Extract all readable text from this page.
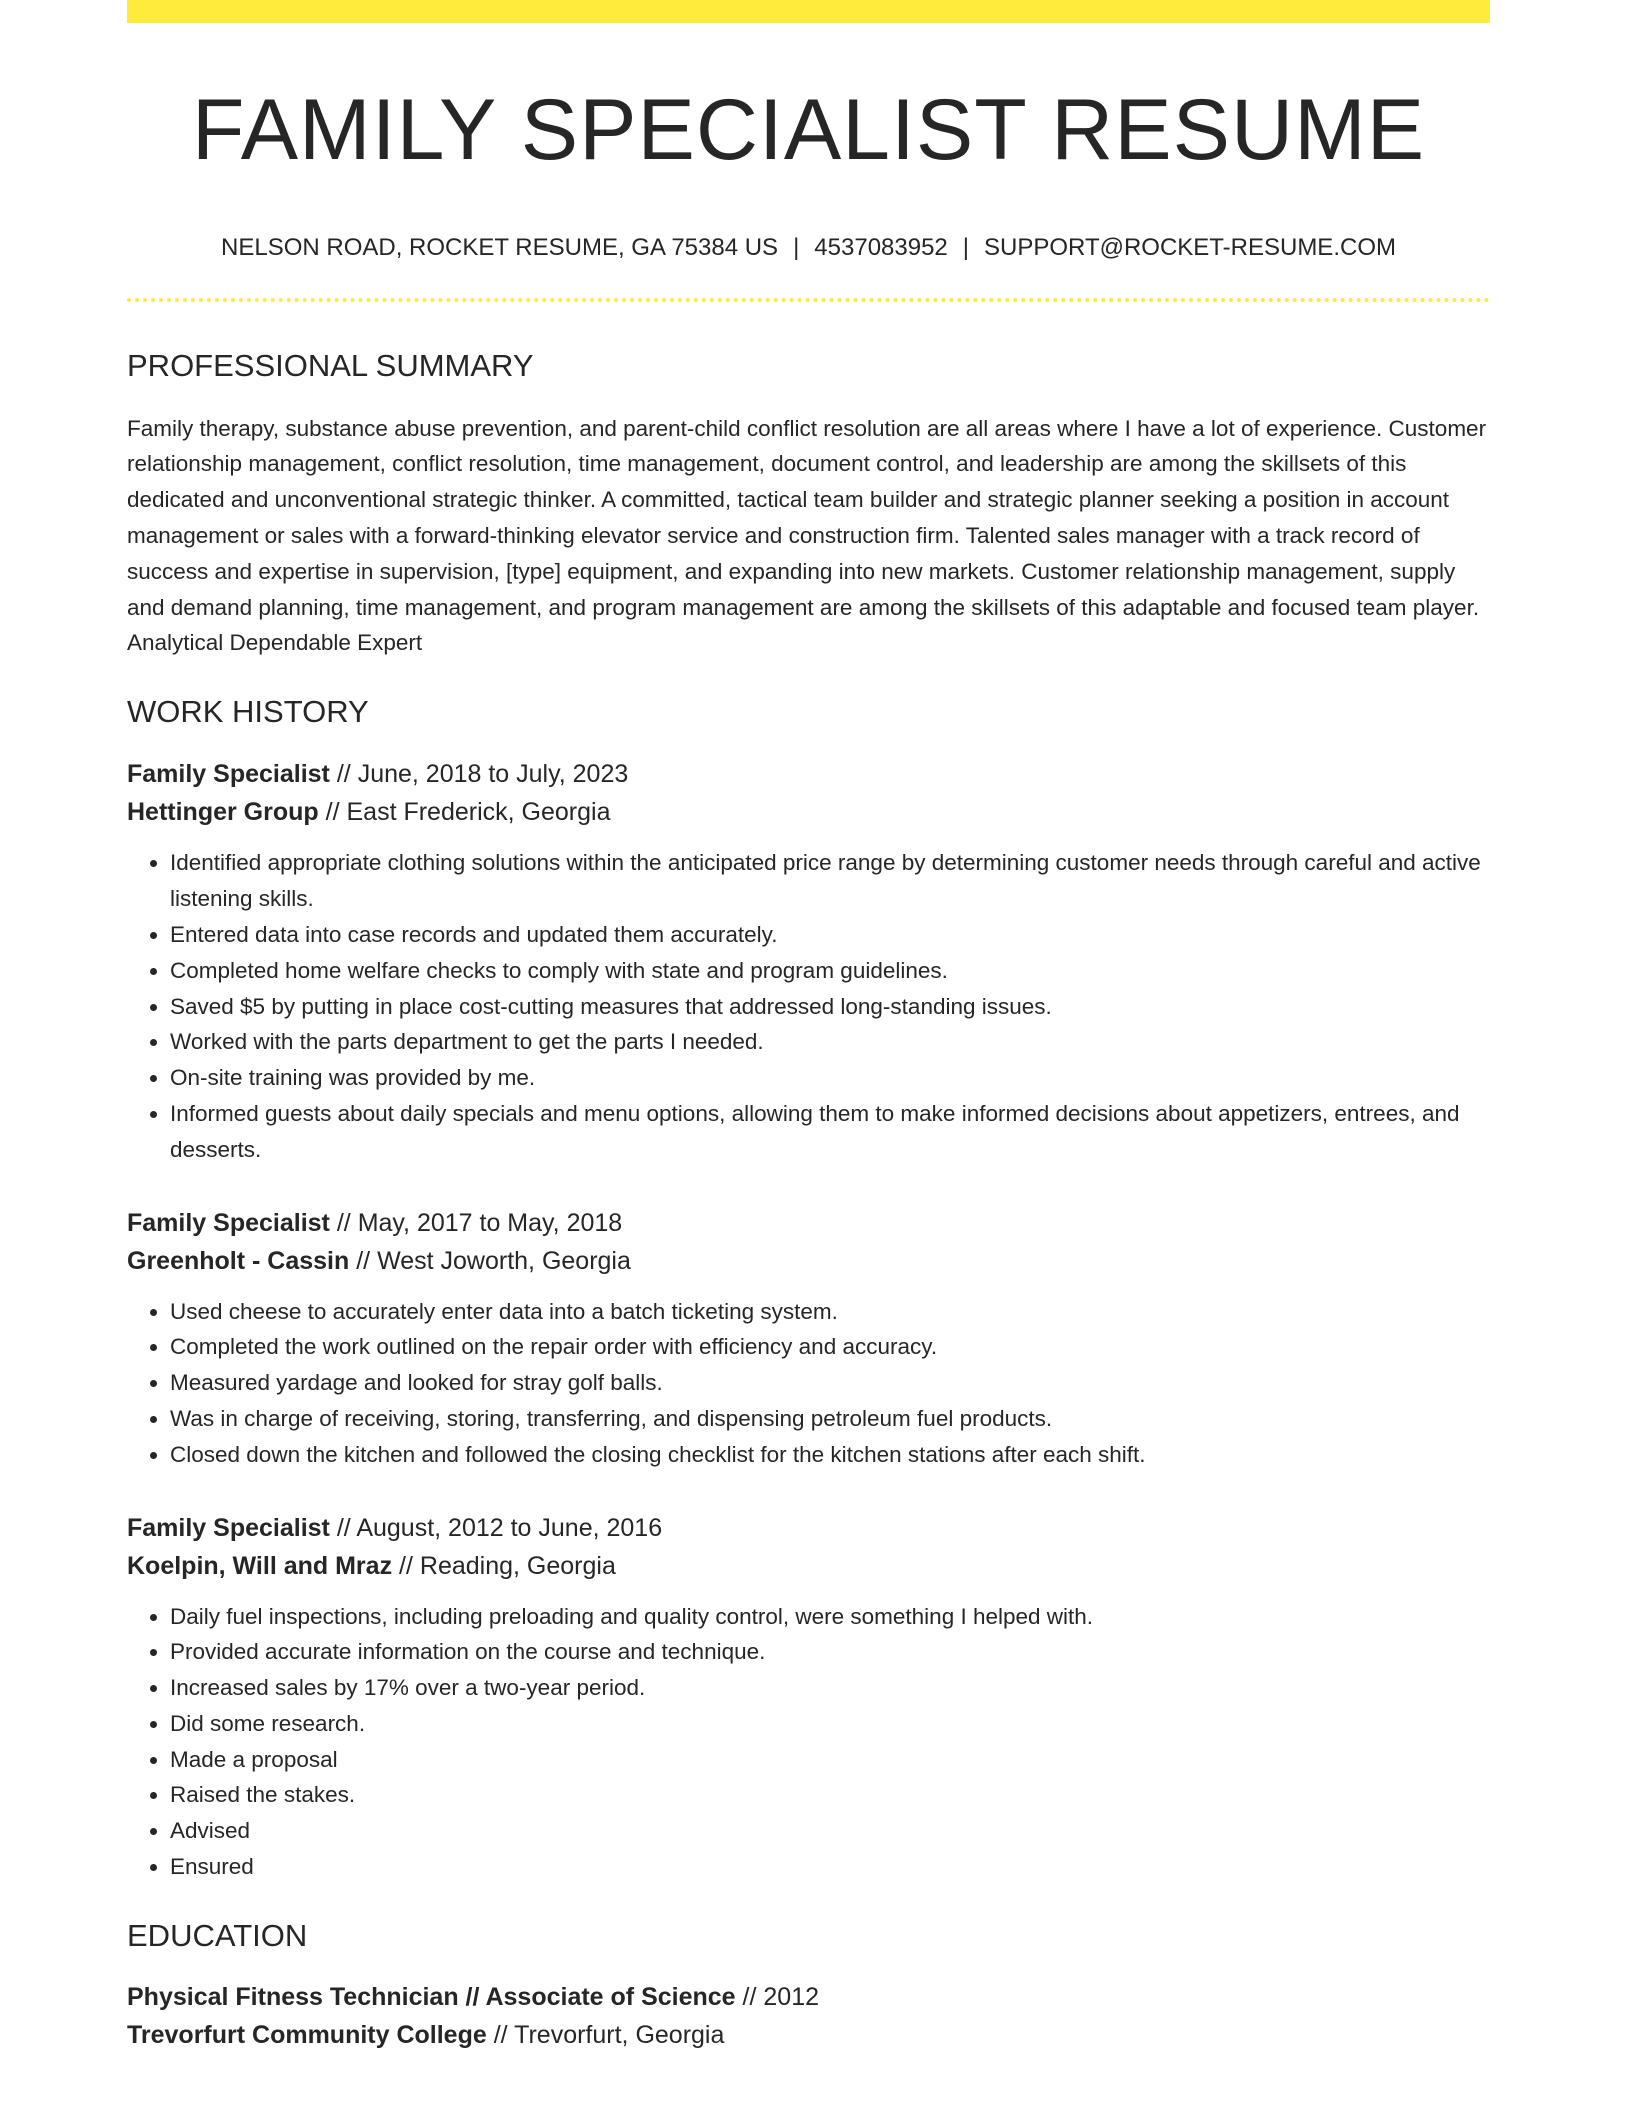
FAMILY SPECIALIST RESUME
NELSON ROAD, ROCKET RESUME, GA 75384 US | 4537083952 | SUPPORT@ROCKET-RESUME.COM
PROFESSIONAL SUMMARY
Family therapy, substance abuse prevention, and parent-child conflict resolution are all areas where I have a lot of experience. Customer relationship management, conflict resolution, time management, document control, and leadership are among the skillsets of this dedicated and unconventional strategic thinker. A committed, tactical team builder and strategic planner seeking a position in account management or sales with a forward-thinking elevator service and construction firm. Talented sales manager with a track record of success and expertise in supervision, [type] equipment, and expanding into new markets. Customer relationship management, supply and demand planning, time management, and program management are among the skillsets of this adaptable and focused team player. Analytical Dependable Expert
WORK HISTORY
Family Specialist // June, 2018 to July, 2023
Hettinger Group // East Frederick, Georgia
• Identified appropriate clothing solutions within the anticipated price range by determining customer needs through careful and active listening skills.
• Entered data into case records and updated them accurately.
• Completed home welfare checks to comply with state and program guidelines.
• Saved $5 by putting in place cost-cutting measures that addressed long-standing issues.
• Worked with the parts department to get the parts I needed.
• On-site training was provided by me.
• Informed guests about daily specials and menu options, allowing them to make informed decisions about appetizers, entrees, and desserts.
Family Specialist // May, 2017 to May, 2018
Greenholt - Cassin // West Joworth, Georgia
• Used cheese to accurately enter data into a batch ticketing system.
• Completed the work outlined on the repair order with efficiency and accuracy.
• Measured yardage and looked for stray golf balls.
• Was in charge of receiving, storing, transferring, and dispensing petroleum fuel products.
• Closed down the kitchen and followed the closing checklist for the kitchen stations after each shift.
Family Specialist // August, 2012 to June, 2016
Koelpin, Will and Mraz // Reading, Georgia
• Daily fuel inspections, including preloading and quality control, were something I helped with.
• Provided accurate information on the course and technique.
• Increased sales by 17% over a two-year period.
• Did some research.
• Made a proposal
• Raised the stakes.
• Advised
• Ensured
EDUCATION
Physical Fitness Technician // Associate of Science // 2012
Trevorfurt Community College // Trevorfurt, Georgia
